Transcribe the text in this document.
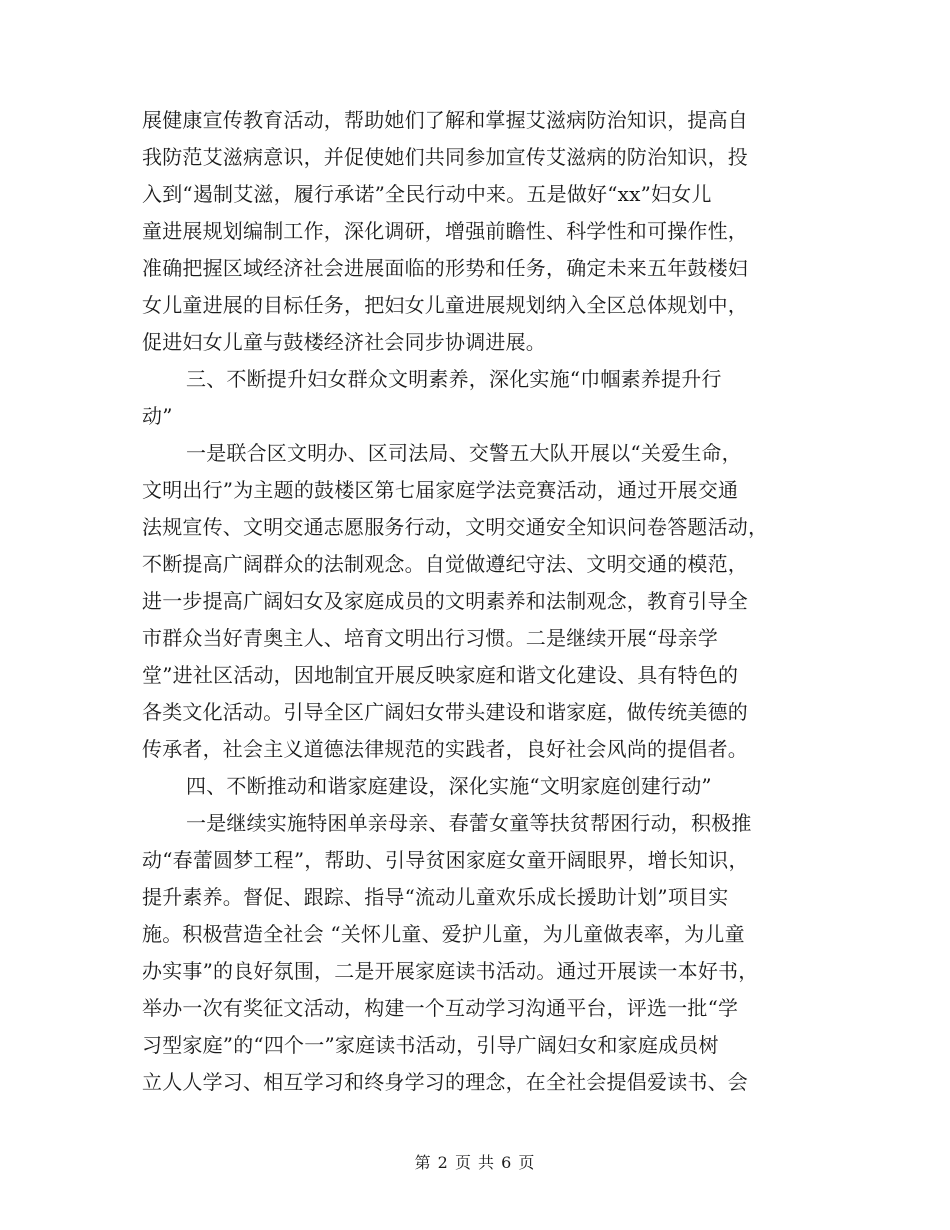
展健康宣传教育活动，帮助她们了解和掌握艾滋病防治知识，提高自
我防范艾滋病意识，并促使她们共同参加宣传艾滋病的防治知识，投
入到“遏制艾滋，履行承诺”全民行动中来。五是做好“xx”妇女儿
童进展规划编制工作，深化调研，增强前瞻性、科学性和可操作性，
准确把握区域经济社会进展面临的形势和任务，确定未来五年鼓楼妇
女儿童进展的目标任务，把妇女儿童进展规划纳入全区总体规划中，
促进妇女儿童与鼓楼经济社会同步协调进展。
三、不断提升妇女群众文明素养，深化实施“巾帼素养提升行
动”
一是联合区文明办、区司法局、交警五大队开展以“关爱生命，
文明出行”为主题的鼓楼区第七届家庭学法竞赛活动，通过开展交通
法规宣传、文明交通志愿服务行动，文明交通安全知识问卷答题活动，
不断提高广阔群众的法制观念。自觉做遵纪守法、文明交通的模范，
进一步提高广阔妇女及家庭成员的文明素养和法制观念，教育引导全
市群众当好青奥主人、培育文明出行习惯。二是继续开展“母亲学
堂”进社区活动，因地制宜开展反映家庭和谐文化建设、具有特色的
各类文化活动。引导全区广阔妇女带头建设和谐家庭，做传统美德的
传承者，社会主义道德法律规范的实践者，良好社会风尚的提倡者。
四、不断推动和谐家庭建设，深化实施“文明家庭创建行动”
一是继续实施特困单亲母亲、春蕾女童等扶贫帮困行动，积极推
动“春蕾圆梦工程”，帮助、引导贫困家庭女童开阔眼界，增长知识，
提升素养。督促、跟踪、指导“流动儿童欢乐成长援助计划”项目实
施。积极营造全社会 “关怀儿童、爱护儿童，为儿童做表率，为儿童
办实事”的良好氛围，二是开展家庭读书活动。通过开展读一本好书，
举办一次有奖征文活动，构建一个互动学习沟通平台，评选一批“学
习型家庭”的“四个一”家庭读书活动，引导广阔妇女和家庭成员树
立人人学习、相互学习和终身学习的理念，在全社会提倡爱读书、会
第 2 页 共 6 页
